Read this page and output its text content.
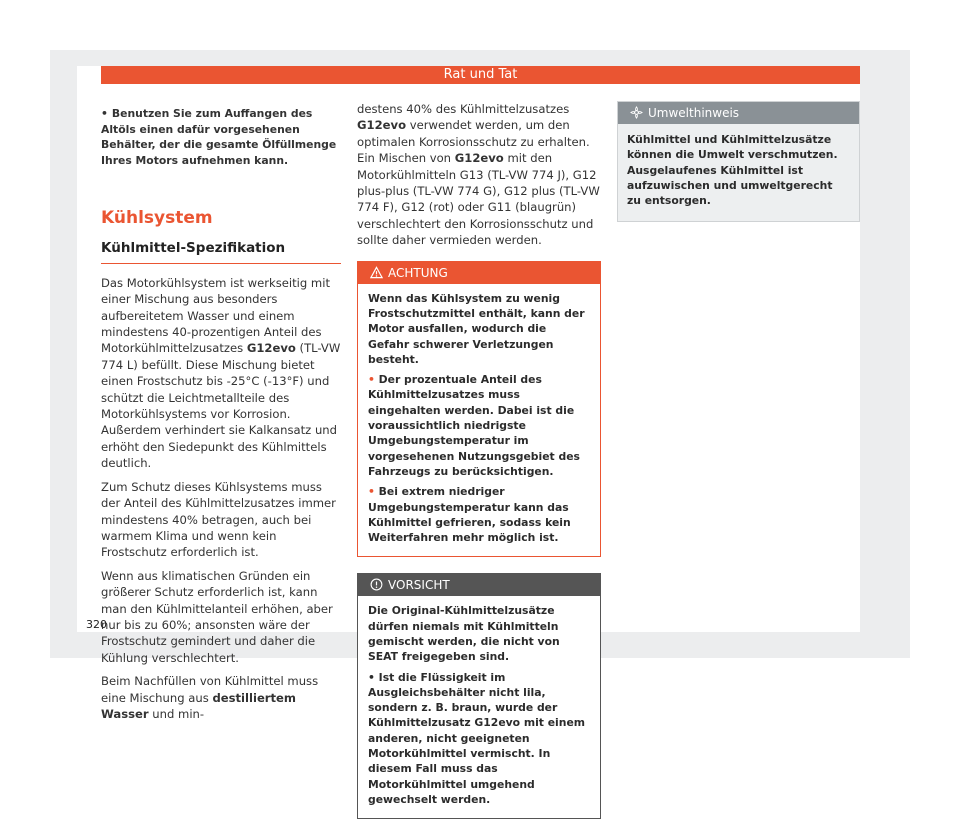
Rat und Tat
• Benutzen Sie zum Auffangen des Altöls einen dafür vorgesehenen Behälter, der die gesamte Ölfüllmenge Ihres Motors aufnehmen kann.
Kühlsystem
Kühlmittel-Spezifikation

Das Motorkühlsystem ist werkseitig mit einer Mischung aus besonders aufbereitetem Wasser und einem mindestens 40-prozentigen Anteil des Motorkühlmittelzusatzes G12evo (TL-VW 774 L) befüllt. Diese Mischung bietet einen Frostschutz bis -25°C (-13°F) und schützt die Leichtmetallteile des Motorkühlsystems vor Korrosion. Außerdem verhindert sie Kalkansatz und erhöht den Siedepunkt des Kühlmittels deutlich.

Zum Schutz dieses Kühlsystems muss der Anteil des Kühlmittelzusatzes immer mindestens 40% betragen, auch bei warmem Klima und wenn kein Frostschutz erforderlich ist.

Wenn aus klimatischen Gründen ein größerer Schutz erforderlich ist, kann man den Kühlmittelanteil erhöhen, aber nur bis zu 60%; ansonsten wäre der Frostschutz gemindert und daher die Kühlung verschlechtert.

Beim Nachfüllen von Kühlmittel muss eine Mischung aus destilliertem Wasser und min-

destens 40% des Kühlmittelzusatzes G12evo verwendet werden, um den optimalen Korrosionsschutz zu erhalten. Ein Mischen von G12evo mit den Motorkühlmitteln G13 (TL-VW 774 J), G12 plus-plus (TL-VW 774 G), G12 plus (TL-VW 774 F), G12 (rot) oder G11 (blaugrün) verschlechtert den Korrosionsschutz und sollte daher vermieden werden.

ACHTUNG

Wenn das Kühlsystem zu wenig Frostschutzmittel enthält, kann der Motor ausfallen, wodurch die Gefahr schwerer Verletzungen besteht.

• Der prozentuale Anteil des Kühlmittelzusatzes muss eingehalten werden. Dabei ist die voraussichtlich niedrigste Umgebungstemperatur im vorgesehenen Nutzungsgebiet des Fahrzeugs zu berücksichtigen.

• Bei extrem niedriger Umgebungstemperatur kann das Kühlmittel gefrieren, sodass kein Weiterfahren mehr möglich ist.

VORSICHT

Die Original-Kühlmittelzusätze dürfen niemals mit Kühlmitteln gemischt werden, die nicht von SEAT freigegeben sind.

• Ist die Flüssigkeit im Ausgleichsbehälter nicht lila, sondern z. B. braun, wurde der Kühlmittelzusatz G12evo mit einem anderen, nicht geeigneten Motorkühlmittel vermischt. In diesem Fall muss das Motorkühlmittel umgehend gewechselt werden.

Umwelthinweis

Kühlmittel und Kühlmittelzusätze können die Umwelt verschmutzen. Ausgelaufenes Kühlmittel ist aufzuwischen und umweltgerecht zu entsorgen.

320
